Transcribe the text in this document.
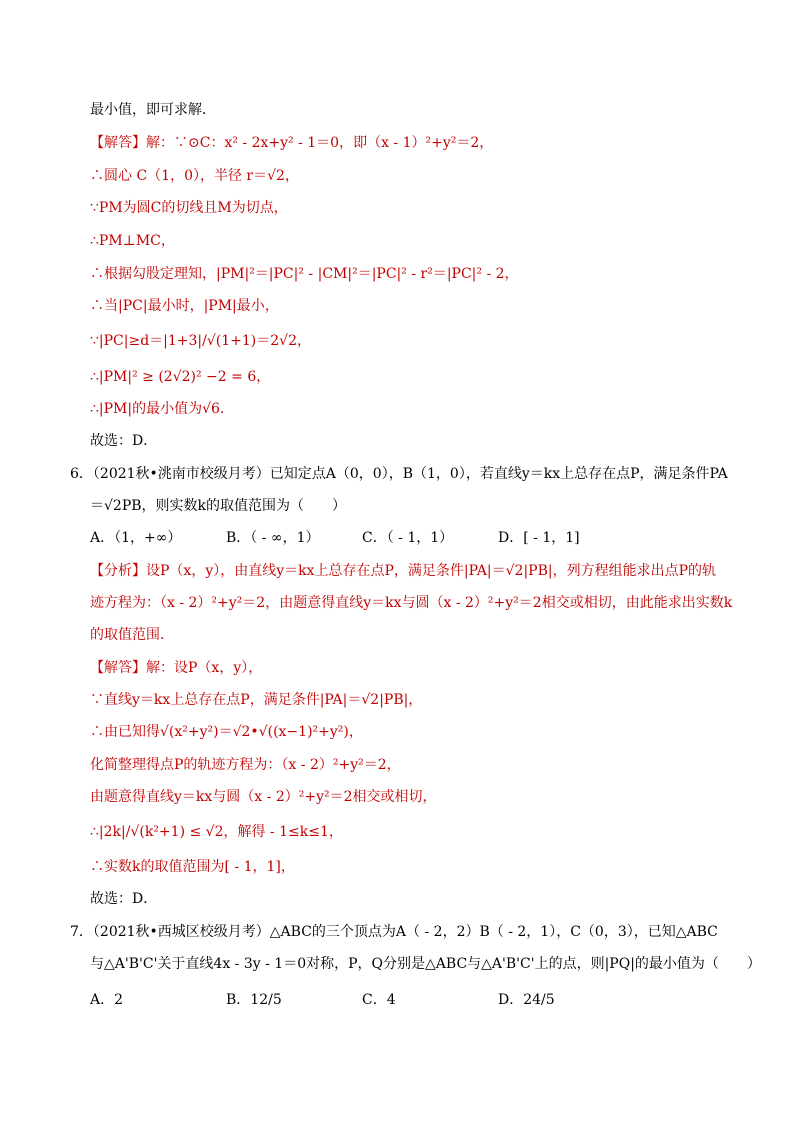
最小值，即可求解．
【解答】解：∵⊙C：x² - 2x+y² - 1＝0，即（x - 1）²+y²＝2，
∴圆心 C（1，0），半径 r＝√2，
∵PM为圆C的切线且M为切点，
∴PM⊥MC，
∴根据勾股定理知，|PM|²＝|PC|² - |CM|²＝|PC|² - r²＝|PC|² - 2，
∴当|PC|最小时，|PM|最小，
∵|PC|≥d＝|1+3|/√(1+1)＝2√2，
∴|PM|² ≥ (2√2)² −2 = 6，
∴|PM|的最小值为√6．
故选：D．
6．（2021秋•洮南市校级月考）已知定点A（0，0），B（1，0），若直线y＝kx上总存在点P，满足条件PA
＝√2PB，则实数k的取值范围为（　　）
A．（1，+∞）	B．（ - ∞，1）	C．（ - 1，1）	D．[ - 1，1]
【分析】设P（x，y），由直线y＝kx上总存在点P，满足条件|PA|＝√2|PB|，列方程组能求出点P的轨
迹方程为：（x - 2）²+y²＝2，由题意得直线y＝kx与圆（x - 2）²+y²＝2相交或相切，由此能求出实数k
的取值范围．
【解答】解：设P（x，y），
∵直线y＝kx上总存在点P，满足条件|PA|＝√2|PB|，
∴由已知得√(x²+y²)＝√2•√((x−1)²+y²)，
化简整理得点P的轨迹方程为：（x - 2）²+y²＝2，
由题意得直线y＝kx与圆（x - 2）²+y²＝2相交或相切，
∴|2k|/√(k²+1) ≤ √2，解得 - 1≤k≤1，
∴实数k的取值范围为[ - 1，1]，
故选：D．
7．（2021秋•西城区校级月考）△ABC的三个顶点为A（ - 2，2）B（ - 2，1），C（0，3），已知△ABC
与△A'B'C'关于直线4x - 3y - 1＝0对称，P，Q分别是△ABC与△A'B'C'上的点，则|PQ|的最小值为（　　）
A．2	B．12/5	C．4	D．24/5
